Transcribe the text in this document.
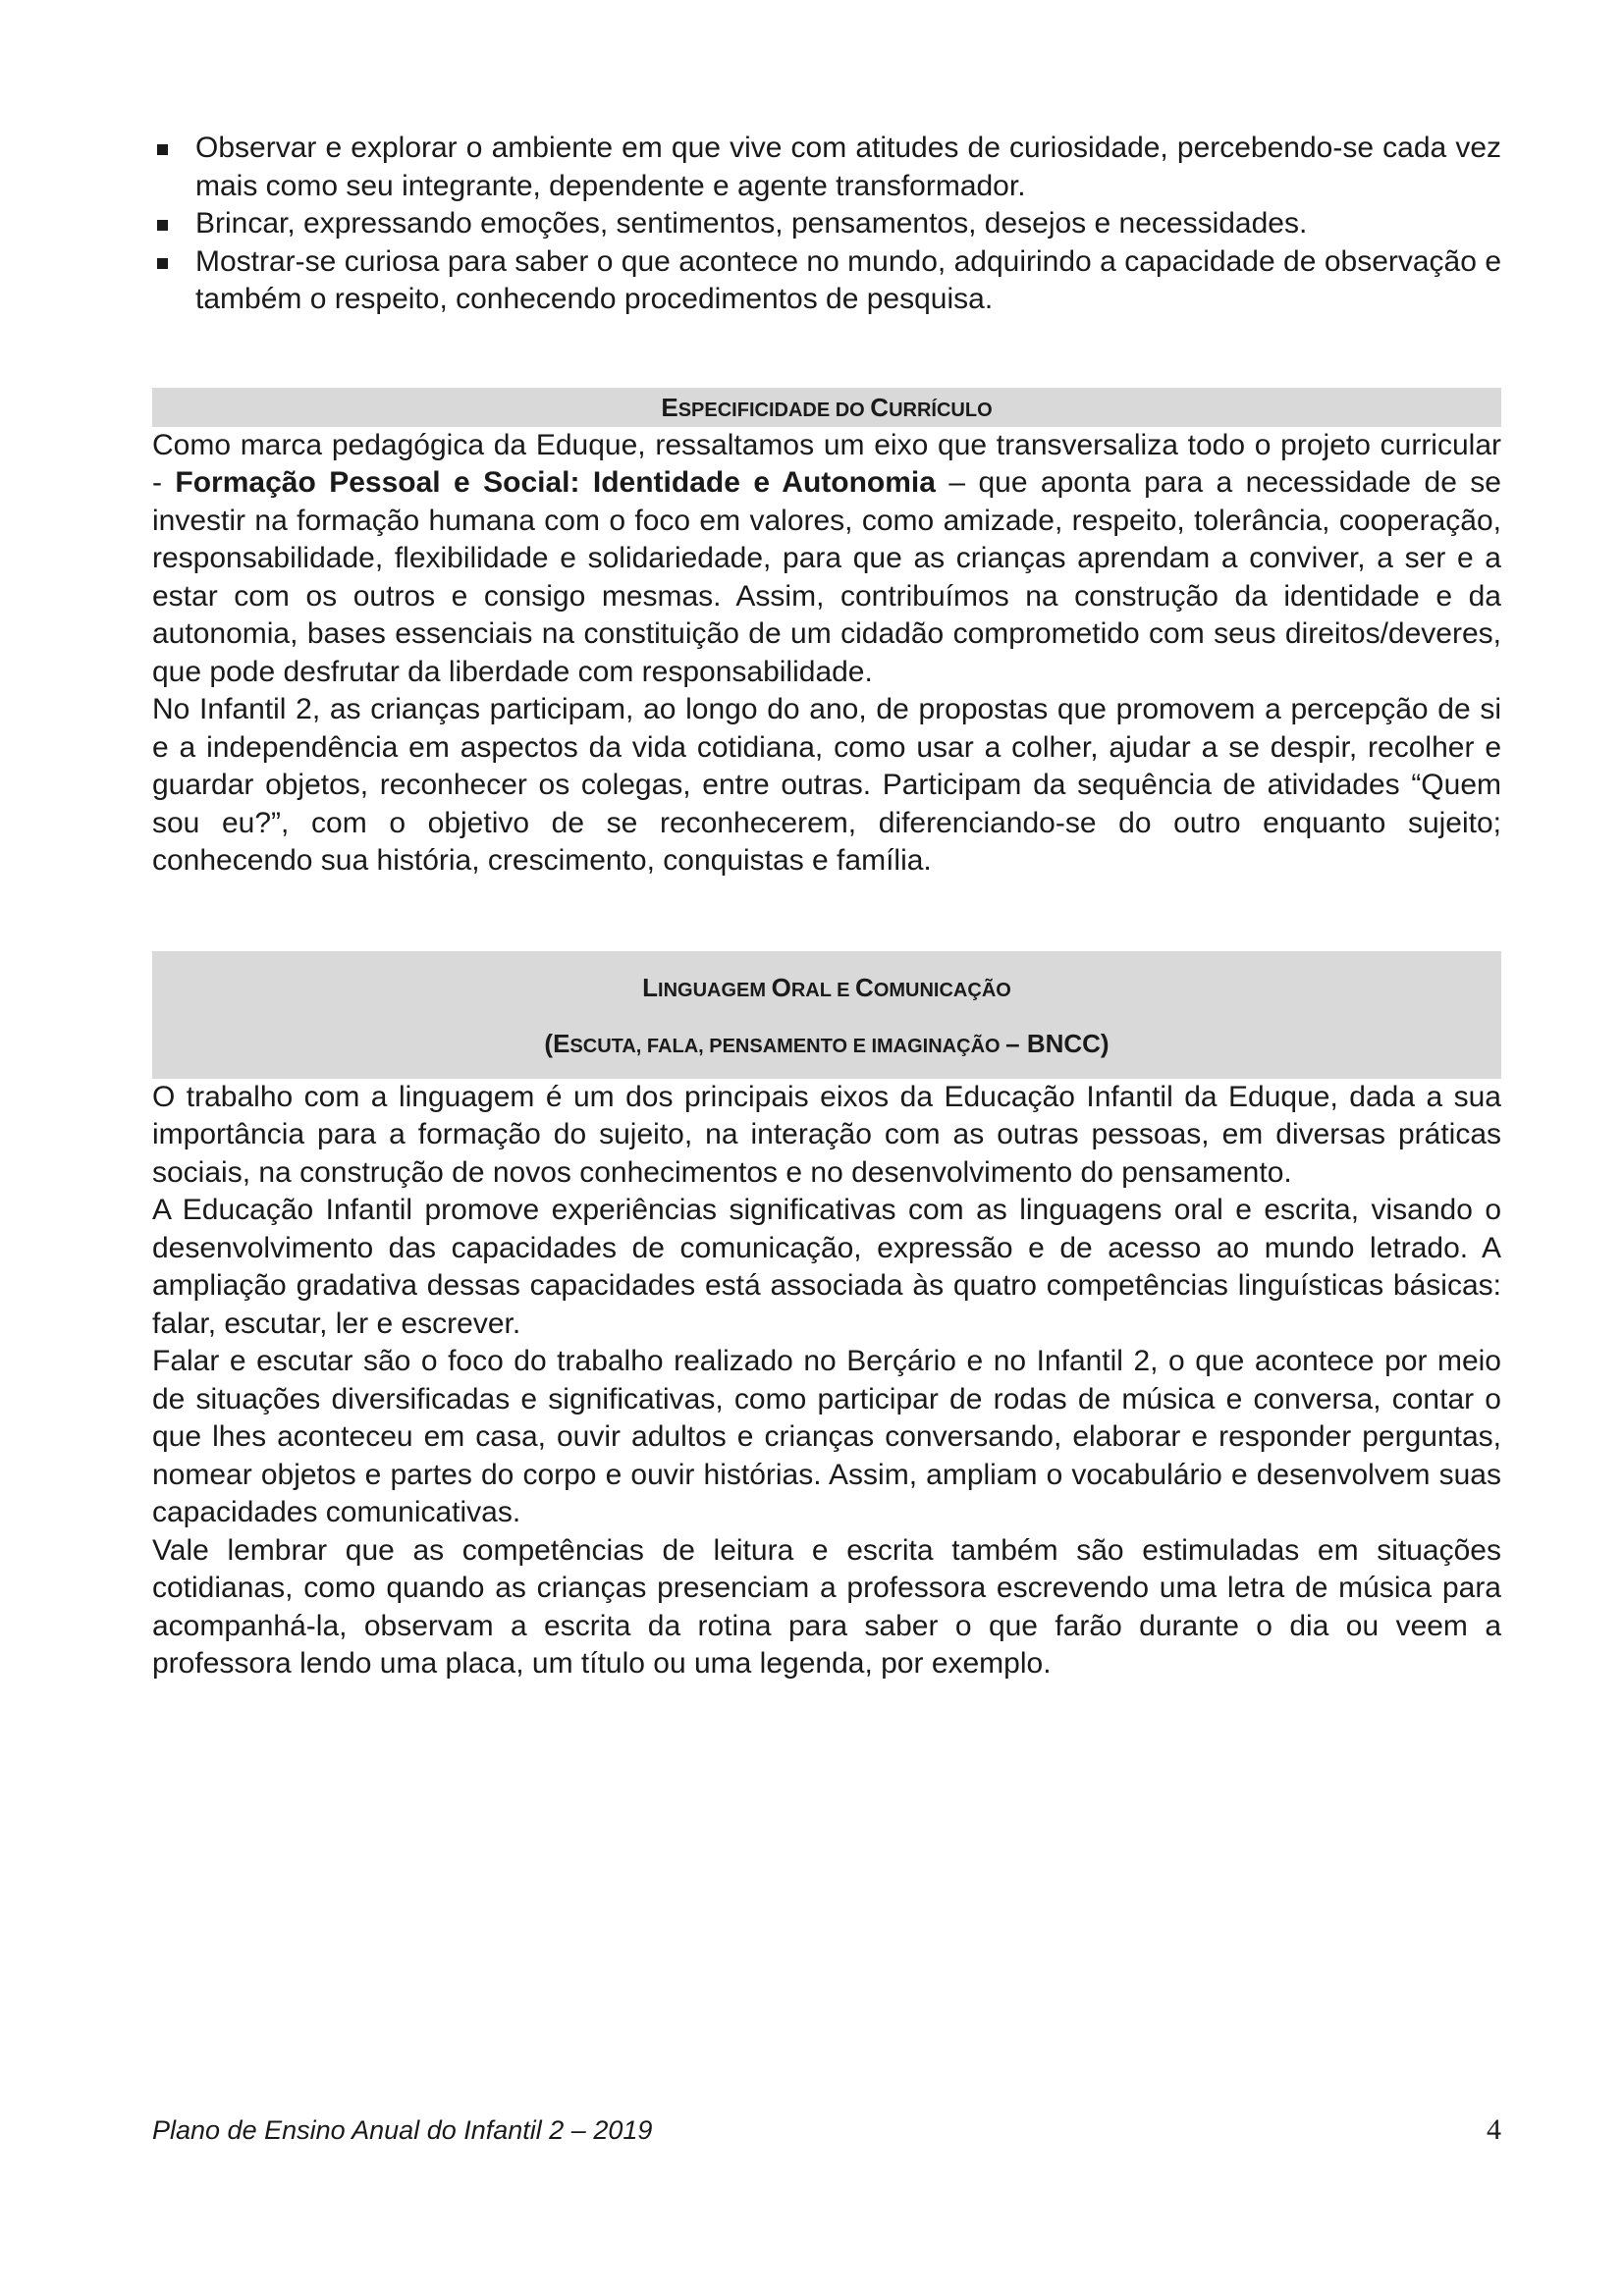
Observar e explorar o ambiente em que vive com atitudes de curiosidade, percebendo-se cada vez mais como seu integrante, dependente e agente transformador.
Brincar, expressando emoções, sentimentos, pensamentos, desejos e necessidades.
Mostrar-se curiosa para saber o que acontece no mundo, adquirindo a capacidade de observação e também o respeito, conhecendo procedimentos de pesquisa.
ESPECIFICIDADE DO CURRÍCULO

Como marca pedagógica da Eduque, ressaltamos um eixo que transversaliza todo o projeto curricular - Formação Pessoal e Social: Identidade e Autonomia – que aponta para a necessidade de se investir na formação humana com o foco em valores, como amizade, respeito, tolerância, cooperação, responsabilidade, flexibilidade e solidariedade, para que as crianças aprendam a conviver, a ser e a estar com os outros e consigo mesmas. Assim, contribuímos na construção da identidade e da autonomia, bases essenciais na constituição de um cidadão comprometido com seus direitos/deveres, que pode desfrutar da liberdade com responsabilidade.

No Infantil 2, as crianças participam, ao longo do ano, de propostas que promovem a percepção de si e a independência em aspectos da vida cotidiana, como usar a colher, ajudar a se despir, recolher e guardar objetos, reconhecer os colegas, entre outras. Participam da sequência de atividades “Quem sou eu?”, com o objetivo de se reconhecerem, diferenciando-se do outro enquanto sujeito; conhecendo sua história, crescimento, conquistas e família.

LINGUAGEM ORAL E COMUNICAÇÃO
(ESCUTA, FALA, PENSAMENTO E IMAGINAÇÃO – BNCC)

O trabalho com a linguagem é um dos principais eixos da Educação Infantil da Eduque, dada a sua importância para a formação do sujeito, na interação com as outras pessoas, em diversas práticas sociais, na construção de novos conhecimentos e no desenvolvimento do pensamento.

A Educação Infantil promove experiências significativas com as linguagens oral e escrita, visando o desenvolvimento das capacidades de comunicação, expressão e de acesso ao mundo letrado. A ampliação gradativa dessas capacidades está associada às quatro competências linguísticas básicas: falar, escutar, ler e escrever.

Falar e escutar são o foco do trabalho realizado no Berçário e no Infantil 2, o que acontece por meio de situações diversificadas e significativas, como participar de rodas de música e conversa, contar o que lhes aconteceu em casa, ouvir adultos e crianças conversando, elaborar e responder perguntas, nomear objetos e partes do corpo e ouvir histórias. Assim, ampliam o vocabulário e desenvolvem suas capacidades comunicativas.

Vale lembrar que as competências de leitura e escrita também são estimuladas em situações cotidianas, como quando as crianças presenciam a professora escrevendo uma letra de música para acompanhá-la, observam a escrita da rotina para saber o que farão durante o dia ou veem a professora lendo uma placa, um título ou uma legenda, por exemplo.

Plano de Ensino Anual do Infantil 2 – 2019	4
